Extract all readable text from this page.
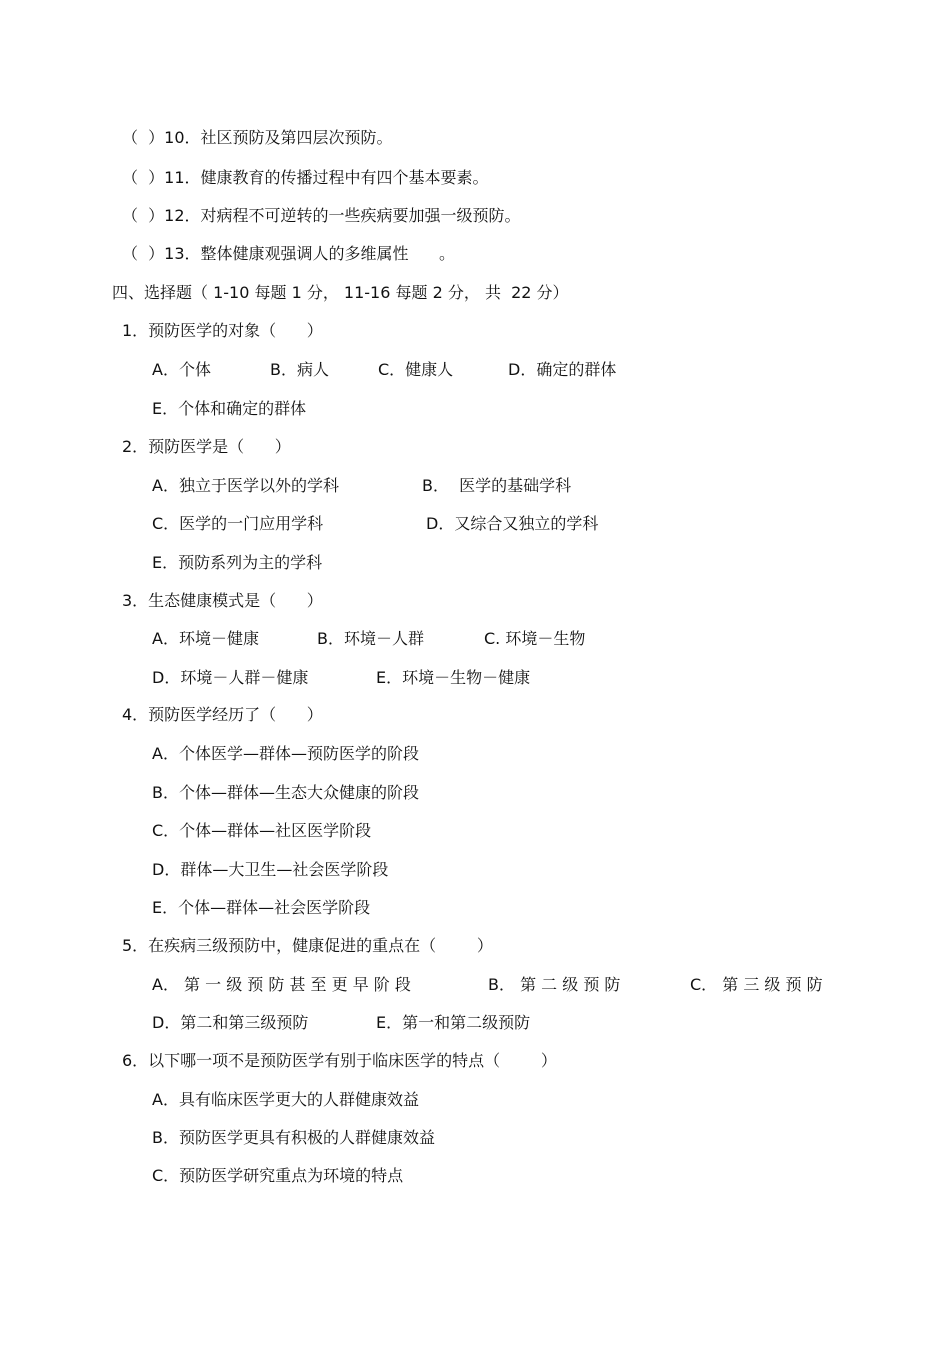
（  ）10．社区预防及第四层次预防。
（  ）11．健康教育的传播过程中有四个基本要素。
（  ）12．对病程不可逆转的一些疾病要加强一级预防。
（  ）13．整体健康观强调人的多维属性      。
四、选择题（ 1-10 每题 1 分， 11-16 每题 2 分， 共  22 分）
1．预防医学的对象（      ）
A．个体	B．病人	C．健康人	D．确定的群体
E．个体和确定的群体
2．预防医学是（      ）
A．独立于医学以外的学科	B．  医学的基础学科
C．医学的一门应用学科	D．又综合又独立的学科
E．预防系列为主的学科
3．生态健康模式是（      ）
A．环境－健康	B．环境－人群	C. 环境－生物
D．环境－人群－健康	E．环境－生物－健康
4．预防医学经历了（      ）
A．个体医学—群体—预防医学的阶段
B．个体—群体—生态大众健康的阶段
C．个体—群体—社区医学阶段
D．群体—大卫生—社会医学阶段
E．个体—群体—社会医学阶段
5．在疾病三级预防中，健康促进的重点在（        ）
A． 第 一 级 预 防 甚 至 更 早 阶 段	B． 第 二 级 预 防	C． 第 三 级 预 防
D．第二和第三级预防	E．第一和第二级预防
6．以下哪一项不是预防医学有别于临床医学的特点（        ）
A．具有临床医学更大的人群健康效益
B．预防医学更具有积极的人群健康效益
C．预防医学研究重点为环境的特点
